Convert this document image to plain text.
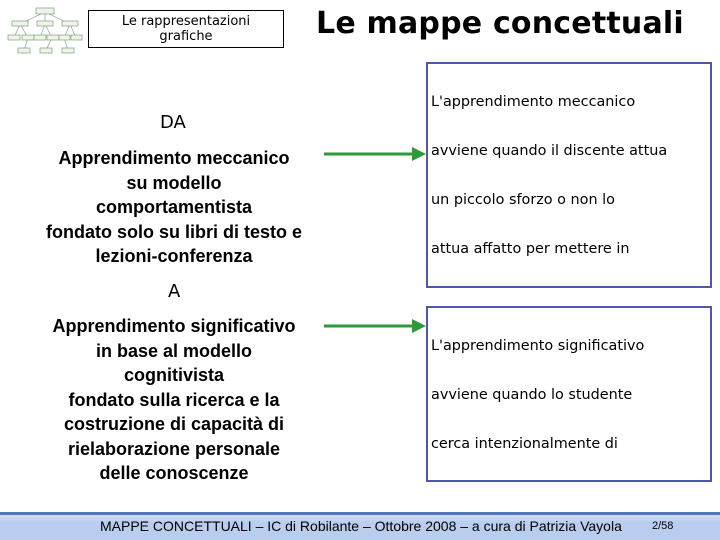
Le rappresentazioni
grafiche	Le mappe concettuali
DA
Apprendimento meccanico
su modello
comportamentista
fondato solo su libri di testo e
lezioni-conferenza
A
Apprendimento significativo
in base al modello
cognitivista
fondato sulla ricerca e la
costruzione di capacità di
rielaborazione personale
delle conoscenze

L'apprendimento meccanico

avviene quando il discente attua

un piccolo sforzo o non lo

attua affatto per mettere in

L'apprendimento significativo

avviene quando lo studente

cerca intenzionalmente di

MAPPE CONCETTUALI – IC di Robilante – Ottobre 2008 – a cura di Patrizia Vayola	2/58
